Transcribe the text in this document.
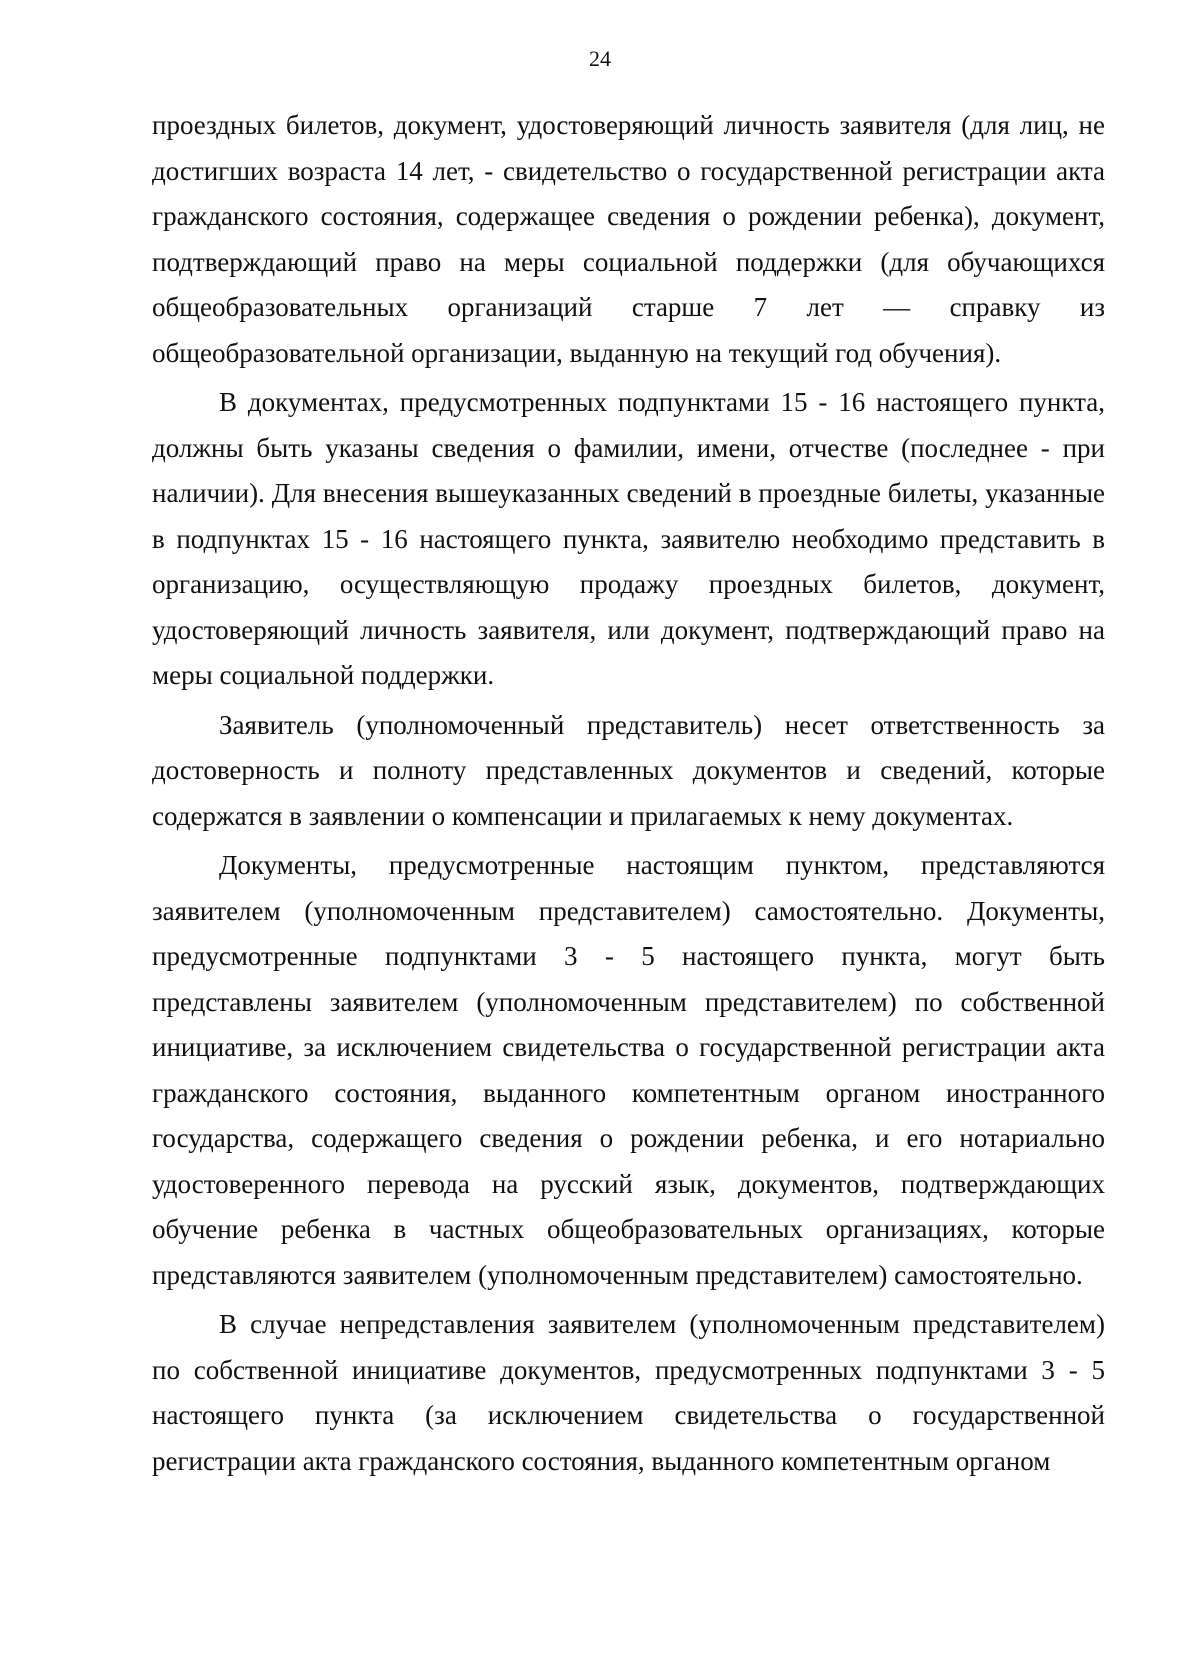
24

проездных билетов, документ, удостоверяющий личность заявителя (для лиц, не достигших возраста 14 лет, - свидетельство о государственной регистрации акта гражданского состояния, содержащее сведения о рождении ребенка), документ, подтверждающий право на меры социальной поддержки (для обучающихся общеобразовательных организаций старше 7 лет — справку из общеобразовательной организации, выданную на текущий год обучения).

В документах, предусмотренных подпунктами 15 - 16 настоящего пункта, должны быть указаны сведения о фамилии, имени, отчестве (последнее - при наличии). Для внесения вышеуказанных сведений в проездные билеты, указанные в подпунктах 15 - 16 настоящего пункта, заявителю необходимо представить в организацию, осуществляющую продажу проездных билетов, документ, удостоверяющий личность заявителя, или документ, подтверждающий право на меры социальной поддержки.

Заявитель (уполномоченный представитель) несет ответственность за достоверность и полноту представленных документов и сведений, которые содержатся в заявлении о компенсации и прилагаемых к нему документах.

Документы, предусмотренные настоящим пунктом, представляются заявителем (уполномоченным представителем) самостоятельно. Документы, предусмотренные подпунктами 3 - 5 настоящего пункта, могут быть представлены заявителем (уполномоченным представителем) по собственной инициативе, за исключением свидетельства о государственной регистрации акта гражданского состояния, выданного компетентным органом иностранного государства, содержащего сведения о рождении ребенка, и его нотариально удостоверенного перевода на русский язык, документов, подтверждающих обучение ребенка в частных общеобразовательных организациях, которые представляются заявителем (уполномоченным представителем) самостоятельно.

В случае непредставления заявителем (уполномоченным представителем) по собственной инициативе документов, предусмотренных подпунктами 3 - 5 настоящего пункта (за исключением свидетельства о государственной регистрации акта гражданского состояния, выданного компетентным органом
